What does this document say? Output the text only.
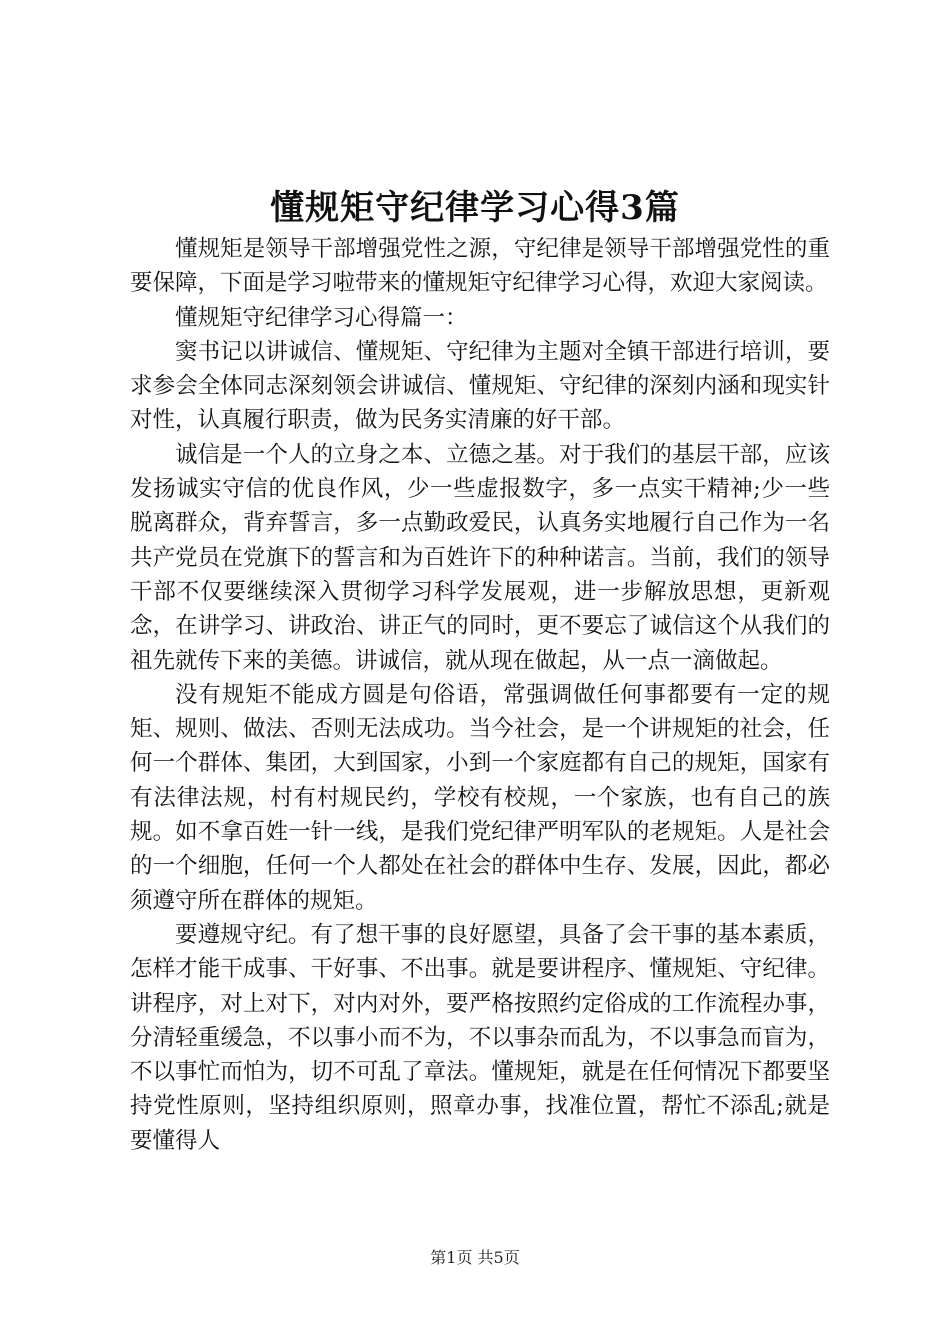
懂规矩守纪律学习心得3篇

懂规矩是领导干部增强党性之源，守纪律是领导干部增强党性的重要保障，下面是学习啦带来的懂规矩守纪律学习心得，欢迎大家阅读。

懂规矩守纪律学习心得篇一：

窦书记以讲诚信、懂规矩、守纪律为主题对全镇干部进行培训，要求参会全体同志深刻领会讲诚信、懂规矩、守纪律的深刻内涵和现实针对性，认真履行职责，做为民务实清廉的好干部。

诚信是一个人的立身之本、立德之基。对于我们的基层干部，应该发扬诚实守信的优良作风，少一些虚报数字，多一点实干精神;少一些脱离群众，背弃誓言，多一点勤政爱民，认真务实地履行自己作为一名共产党员在党旗下的誓言和为百姓许下的种种诺言。当前，我们的领导干部不仅要继续深入贯彻学习科学发展观，进一步解放思想，更新观念，在讲学习、讲政治、讲正气的同时，更不要忘了诚信这个从我们的祖先就传下来的美德。讲诚信，就从现在做起，从一点一滴做起。

没有规矩不能成方圆是句俗语，常强调做任何事都要有一定的规矩、规则、做法、否则无法成功。当今社会，是一个讲规矩的社会，任何一个群体、集团，大到国家，小到一个家庭都有自己的规矩，国家有有法律法规，村有村规民约，学校有校规，一个家族，也有自己的族规。如不拿百姓一针一线，是我们党纪律严明军队的老规矩。人是社会的一个细胞，任何一个人都处在社会的群体中生存、发展，因此，都必须遵守所在群体的规矩。

要遵规守纪。有了想干事的良好愿望，具备了会干事的基本素质，怎样才能干成事、干好事、不出事。就是要讲程序、懂规矩、守纪律。讲程序，对上对下，对内对外，要严格按照约定俗成的工作流程办事，分清轻重缓急，不以事小而不为，不以事杂而乱为，不以事急而盲为，不以事忙而怕为，切不可乱了章法。懂规矩，就是在任何情况下都要坚持党性原则，坚持组织原则，照章办事，找准位置，帮忙不添乱;就是要懂得人

第1页 共5页
